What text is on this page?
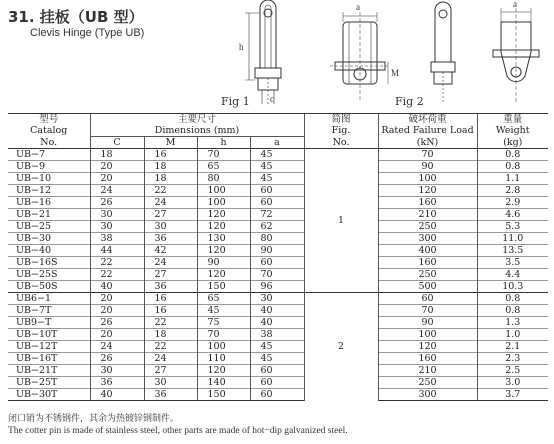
31. 挂板（UB 型）
Clevis Hinge (Type UB)
h
a
M
c
a
Fig 1	Fig 2
型号	主要尺寸				简图	破坏荷重	重量
Catalog	Dimensions (mm)				Fig.	Rated Failure Load	Weight
No.	C	M	h	a	No.	(kN)	(kg)
UB−7	18	16	70	45	1	70	0.8
UB−9	20	18	65	45		90	0.8
UB−10	20	18	80	45		100	1.1
UB−12	24	22	100	60		120	2.8
UB−16	26	24	100	60		160	2.9
UB−21	30	27	120	72		210	4.6
UB−25	30	30	120	62		250	5.3
UB−30	38	36	130	80		300	11.0
UB−40	44	42	120	90		400	13.5
UB−16S	22	24	90	60		160	3.5
UB−25S	22	27	120	70		250	4.4
UB−50S	40	36	150	96		500	10.3
UB6−1	20	16	65	30	2	60	0.8
UB−7T	20	16	45	40		70	0.8
UB9−T	26	22	75	40		90	1.3
UB−10T	20	18	70	38		100	1.0
UB−12T	24	22	100	45		120	2.1
UB−16T	26	24	110	45		160	2.3
UB−21T	30	27	120	60		210	2.5
UB−25T	36	30	140	60		250	3.0
UB−30T	40	36	150	60		300	3.7
闭口销为不锈钢件，其余为热镀锌钢制件。
The cotter pin is made of stainless steel, other parts are made of hot−dip galvanized steel.
